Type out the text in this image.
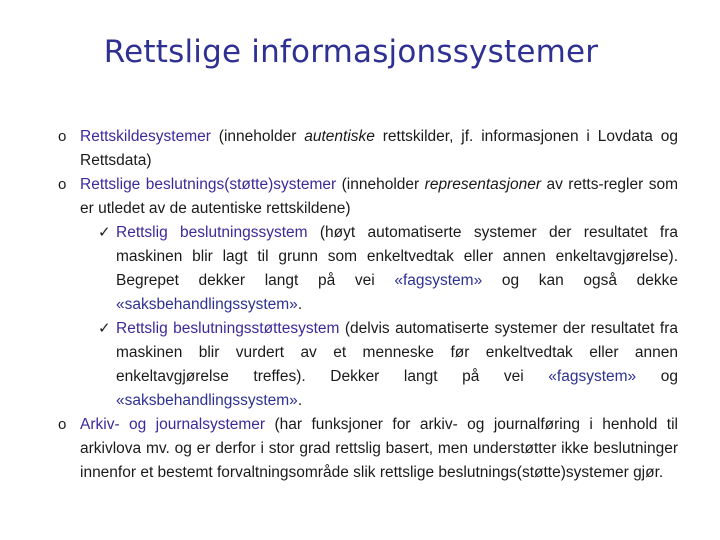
Rettslige informasjonssystemer
o Rettskildesystemer (inneholder autentiske rettskilder, jf. informasjonen i Lovdata og Rettsdata)
o Rettslige beslutnings(støtte)systemer (inneholder representasjoner av retts-regler som er utledet av de autentiske rettskildene)
✓ Rettslig beslutningssystem (høyt automatiserte systemer der resultatet fra maskinen blir lagt til grunn som enkeltvedtak eller annen enkeltavgjørelse). Begrepet dekker langt på vei «fagsystem» og kan også dekke «saksbehandlingssystem».
✓ Rettslig beslutningsstøttesystem (delvis automatiserte systemer der resultatet fra maskinen blir vurdert av et menneske før enkeltvedtak eller annen enkeltavgjørelse treffes). Dekker langt på vei «fagsystem» og «saksbehandlingssystem».
o Arkiv- og journalsystemer (har funksjoner for arkiv- og journalføring i henhold til arkivlova mv. og er derfor i stor grad rettslig basert, men understøtter ikke beslutninger innenfor et bestemt forvaltningsområde slik rettslige beslutnings(støtte)systemer gjør.
